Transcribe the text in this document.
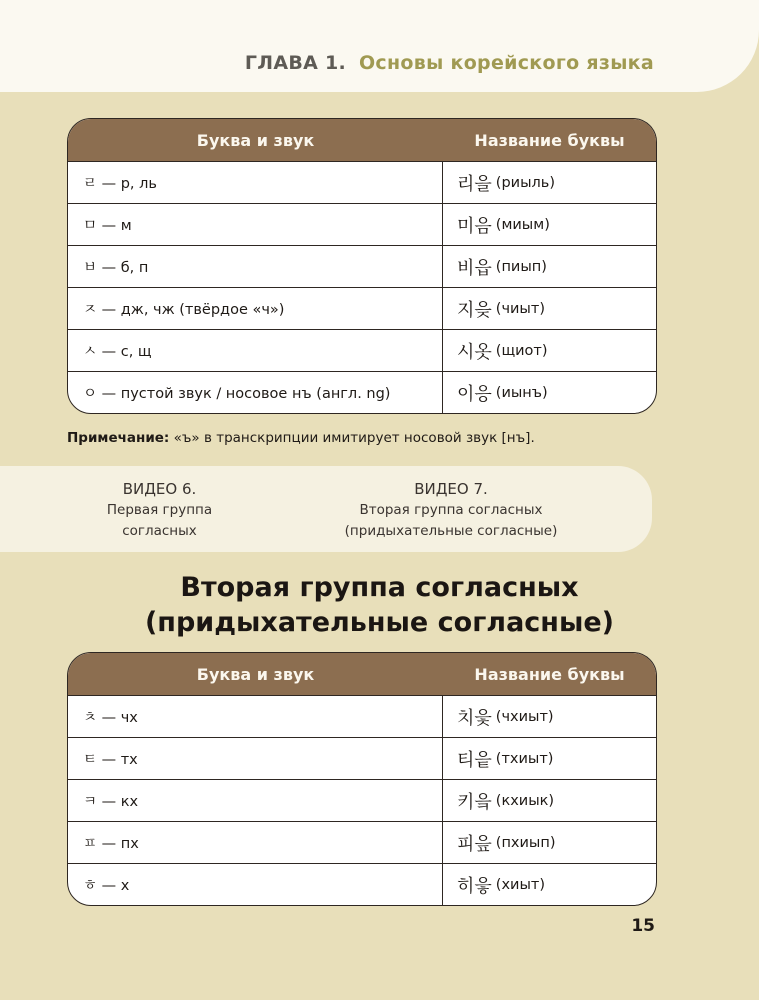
ГЛАВА 1. Основы корейского языка
Буква и звук	Название буквы
ㄹ — р, ль	리을 (риыль)
ㅁ — м	미음 (миым)
ㅂ — б, п	비읍 (пиып)
ㅈ — дж, чж (твёрдое «ч»)	지읒 (чиыт)
ㅅ — с, щ	시옷 (щиот)
ㅇ — пустой звук / носовое нъ (англ. ng)	이응 (иынъ)
Примечание: «ъ» в транскрипции имитирует носовой звук [нъ].
ВИДЕО 6.
Первая группа
согласных
ВИДЕО 7.
Вторая группа согласных
(придыхательные согласные)
Вторая группа согласных
(придыхательные согласные)
Буква и звук	Название буквы
ㅊ — чх	치읓 (чхиыт)
ㅌ — тх	티읕 (тхиыт)
ㅋ — кх	키읔 (кхиык)
ㅍ — пх	피읖 (пхиып)
ㅎ — х	히읗 (хиыт)
15
